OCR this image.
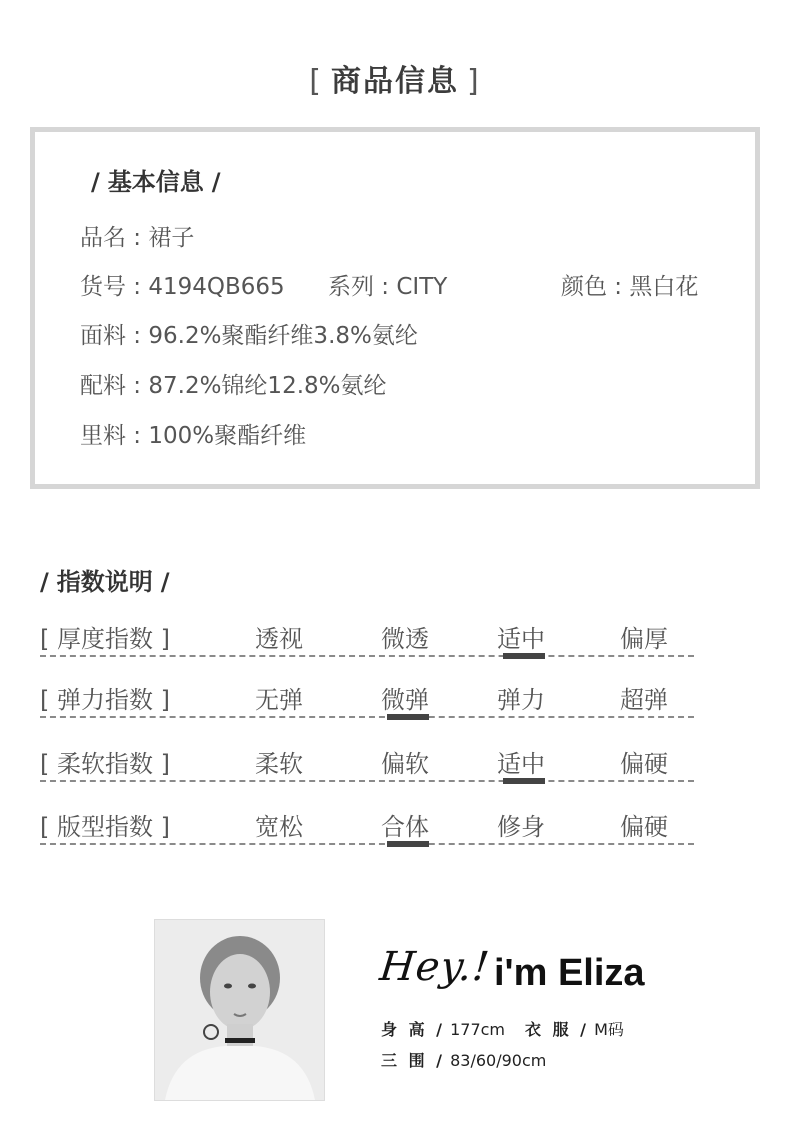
[ 商品信息 ]
/ 基本信息 /
品名 : 裙子
货号 : 4194QB665 系列 : CITY	颜色 : 黑白花
面料 : 96.2%聚酯纤维3.8%氨纶
配料 : 87.2%锦纶12.8%氨纶
里料 : 100%聚酯纤维
/ 指数说明 /
[ 厚度指数 ]	透视	微透	适中	偏厚
[ 弹力指数 ]	无弹	微弹	弹力	超弹
[ 柔软指数 ]	柔软	偏软	适中	偏硬
[ 版型指数 ]	宽松	合体	修身	偏硬
Hey.! i'm Eliza
身 高 / 177cm 衣 服 / M码
三 围 / 83/60/90cm
